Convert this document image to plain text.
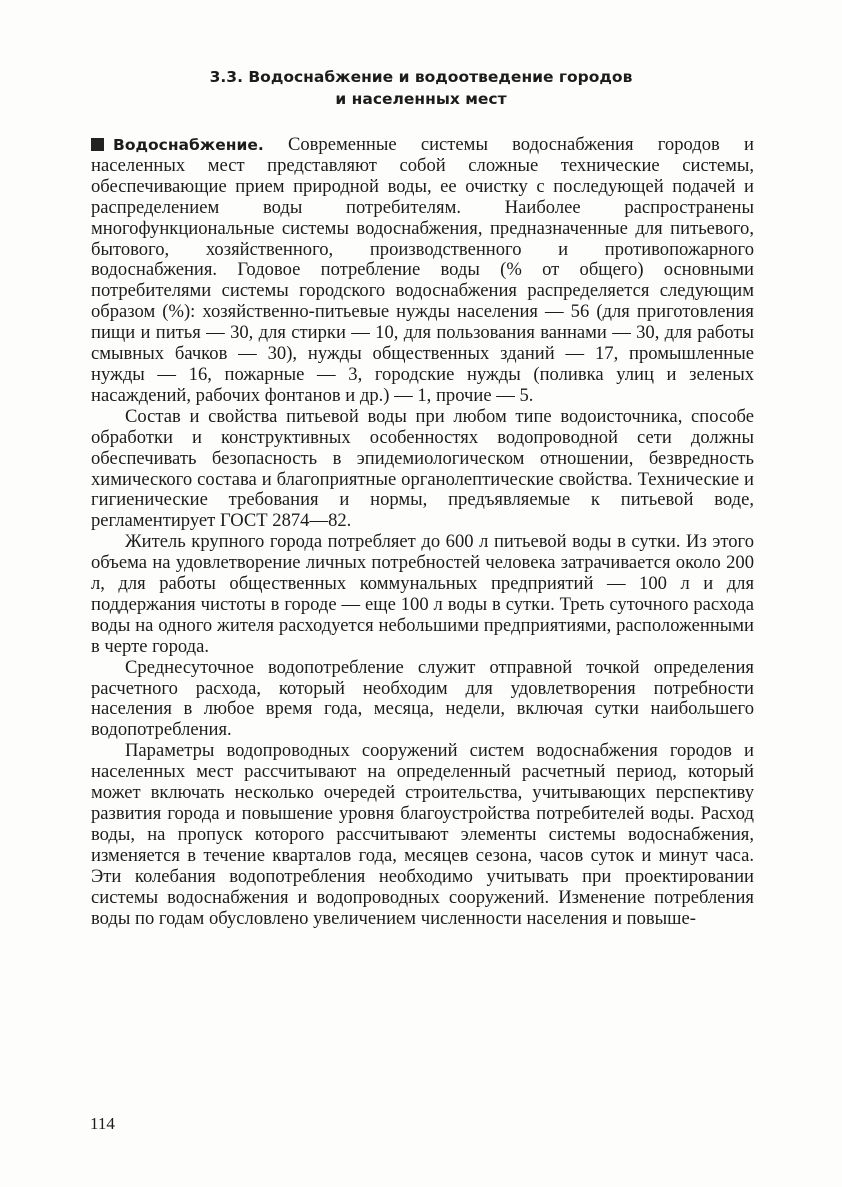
3.3. Водоснабжение и водоотведение городов
и населенных мест

Водоснабжение. Современные системы водоснабжения городов и населенных мест представляют собой сложные технические системы, обеспечивающие прием природной воды, ее очистку с последующей подачей и распределением воды потребителям. Наиболее распространены многофункциональные системы водоснабжения, предназначенные для питьевого, бытового, хозяйственного, производственного и противопожарного водоснабжения. Годовое потребление воды (% от общего) основными потребителями системы городского водоснабжения распределяется следующим образом (%): хозяйственно-питьевые нужды населения — 56 (для приготовления пищи и питья — 30, для стирки — 10, для пользования ваннами — 30, для работы смывных бачков — 30), нужды общественных зданий — 17, промышленные нужды — 16, пожарные — 3, городские нужды (поливка улиц и зеленых насаждений, рабочих фонтанов и др.) — 1, прочие — 5.

Состав и свойства питьевой воды при любом типе водоисточника, способе обработки и конструктивных особенностях водопроводной сети должны обеспечивать безопасность в эпидемиологическом отношении, безвредность химического состава и благоприятные органолептические свойства. Технические и гигиенические требования и нормы, предъявляемые к питьевой воде, регламентирует ГОСТ 2874—82.

Житель крупного города потребляет до 600 л питьевой воды в сутки. Из этого объема на удовлетворение личных потребностей человека затрачивается около 200 л, для работы общественных коммунальных предприятий — 100 л и для поддержания чистоты в городе — еще 100 л воды в сутки. Треть суточного расхода воды на одного жителя расходуется небольшими предприятиями, расположенными в черте города.

Среднесуточное водопотребление служит отправной точкой определения расчетного расхода, который необходим для удовлетворения потребности населения в любое время года, месяца, недели, включая сутки наибольшего водопотребления.

Параметры водопроводных сооружений систем водоснабжения городов и населенных мест рассчитывают на определенный расчетный период, который может включать несколько очередей строительства, учитывающих перспективу развития города и повышение уровня благоустройства потребителей воды. Расход воды, на пропуск которого рассчитывают элементы системы водоснабжения, изменяется в течение кварталов года, месяцев сезона, часов суток и минут часа. Эти колебания водопотребления необходимо учитывать при проектировании системы водоснабжения и водопроводных сооружений. Изменение потребления воды по годам обусловлено увеличением численности населения и повыше-

114
